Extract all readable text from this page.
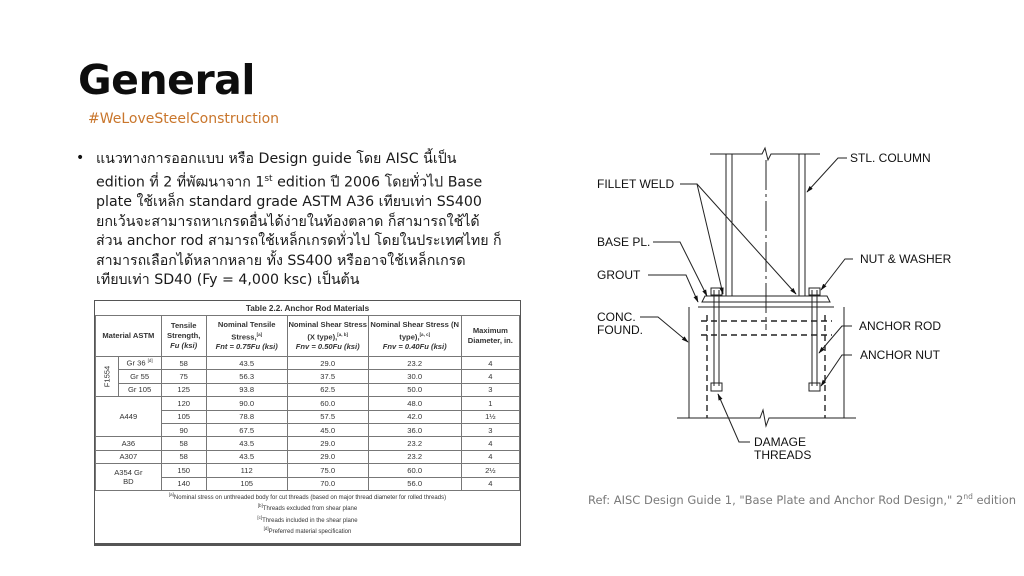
General
#WeLoveSteelConstruction
• แนวทางการออกแบบ หรือ Design guide โดย AISC นี้เป็น
edition ที่ 2 ที่พัฒนาจาก 1st edition ปี 2006 โดยทั่วไป Base
plate ใช้เหล็ก standard grade ASTM A36 เทียบเท่า SS400
ยกเว้นจะสามารถหาเกรดอื่นได้ง่ายในท้องตลาด ก็สามารถใช้ได้
ส่วน anchor rod สามารถใช้เหล็กเกรดทั่วไป โดยในประเทศไทย ก็
สามารถเลือกได้หลากหลาย ทั้ง SS400 หรืออาจใช้เหล็กเกรด
เทียบเท่า SD40 (Fy = 4,000 ksc) เป็นต้น
Table 2.2. Anchor Rod Materials						
Material ASTM		Tensile Strength,
Fu (ksi)	Nominal Tensile Stress,[a]
Fnt = 0.75Fu (ksi)	Nominal Shear Stress (X type),[a, b]
Fnv = 0.50Fu (ksi)	Nominal Shear Stress (N type),[a, c]
Fnv = 0.40Fu (ksi)	Maximum Diameter, in.
F1554	Gr 36 [d]	58	43.5	29.0	23.2	4
	Gr 55	75	56.3	37.5	30.0	4
	Gr 105	125	93.8	62.5	50.0	3
A449		120	90.0	60.0	48.0	1
		105	78.8	57.5	42.0	1½
		90	67.5	45.0	36.0	3
A36		58	43.5	29.0	23.2	4
A307		58	43.5	29.0	23.2	4
A354 Gr BD		150	112	75.0	60.0	2½
		140	105	70.0	56.0	4

[a]Nominal stress on unthreaded body for cut threads (based on major thread diameter for rolled threads)
[b]Threads excluded from shear plane
[c]Threads included in the shear plane
[d]Preferred material specification						
STL. COLUMN
FILLET WELD
BASE PL.
NUT & WASHER
GROUT
CONC.
FOUND.	ANCHOR ROD
ANCHOR NUT
DAMAGE
THREADS
Ref: AISC Design Guide 1, "Base Plate and Anchor Rod Design," 2nd edition
